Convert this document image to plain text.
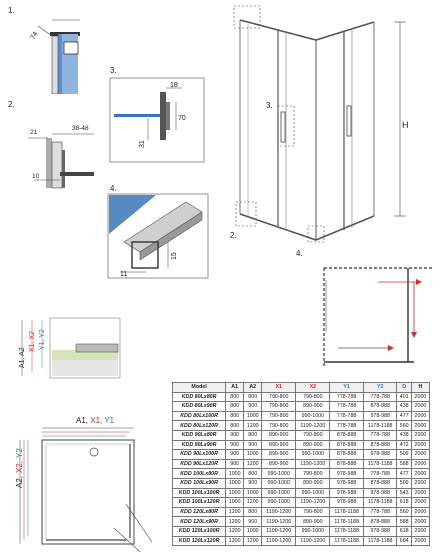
1.
74
2.
21
38-48
10
3.
18
70
31
4.
15
11
H
3.
2.
4.
A1, A2
X1, X2 Y1, Y2
A1, X1, Y1
A2,
X2,
Y2
Model	A1	A2	X1	X2	Y1	Y2	D	H
KDD 80Lx80R	800	800	790-800	790-800	778-788	778-788	401	2000
KDD 80Lx90R	800	900	790-800	890-900	778-788	878-888	438	2000
KDD 80Lx100R	800	1000	790-800	990-1000	778-788	978-988	477	2000
KDD 80Lx120R	800	1200	790-800	1190-1200	778-788	1178-1188	560	2000
KDD 90Lx80R	900	800	890-900	790-800	878-888	778-788	438	2000
KDD 90Lx90R	900	900	890-900	890-900	878-888	878-888	472	2000
KDD 90Lx100R	900	1000	890-900	990-1000	878-888	978-988	509	2000
KDD 90Lx120R	900	1200	890-900	1190-1200	878-888	1178-1188	588	2000
KDD 100Lx80R	1000	800	990-1000	790-800	978-988	778-788	477	2000
KDD 100Lx90R	1000	900	990-1000	890-900	978-988	878-888	509	2000
KDD 100Lx100R	1000	1000	990-1000	990-1000	978-988	978-988	543	2000
KDD 100Lx120R	1000	1200	990-1000	1190-1200	978-988	1178-1188	618	2000
KDD 120Lx80R	1200	800	1190-1200	790-800	1178-1188	778-788	560	2000
KDD 120Lx90R	1200	900	1190-1200	890-900	1178-1188	878-888	588	2000
KDD 120Lx100R	1200	1000	1190-1200	990-1000	1178-1188	978-988	618	2000
KDD 120Lx120R	1200	1200	1190-1200	1190-1200	1178-1188	1178-1188	684	2000
